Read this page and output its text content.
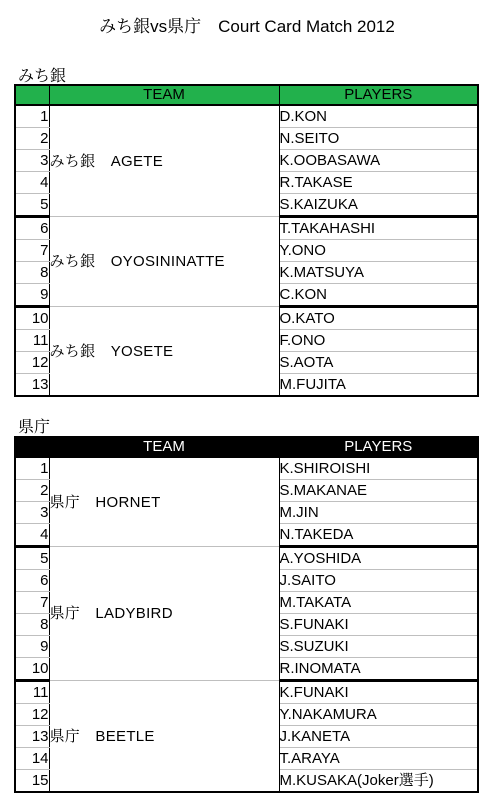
みち銀vs県庁　Court Card Match 2012
みち銀
	TEAM	PLAYERS
1	みち銀　AGETE	D.KON
2		N.SEITO
3		K.OOBASAWA
4		R.TAKASE
5		S.KAIZUKA
6	みち銀　OYOSININATTE	T.TAKAHASHI
7		Y.ONO
8		K.MATSUYA
9		C.KON
10	みち銀　YOSETE	O.KATO
11		F.ONO
12		S.AOTA
13		M.FUJITA
県庁
	TEAM	PLAYERS
1	県庁　HORNET	K.SHIROISHI
2		S.MAKANAE
3		M.JIN
4		N.TAKEDA
5	県庁　LADYBIRD	A.YOSHIDA
6		J.SAITO
7		M.TAKATA
8		S.FUNAKI
9		S.SUZUKI
10		R.INOMATA
11	県庁　BEETLE	K.FUNAKI
12		Y.NAKAMURA
13		J.KANETA
14		T.ARAYA
15		M.KUSAKA(Joker選手)
